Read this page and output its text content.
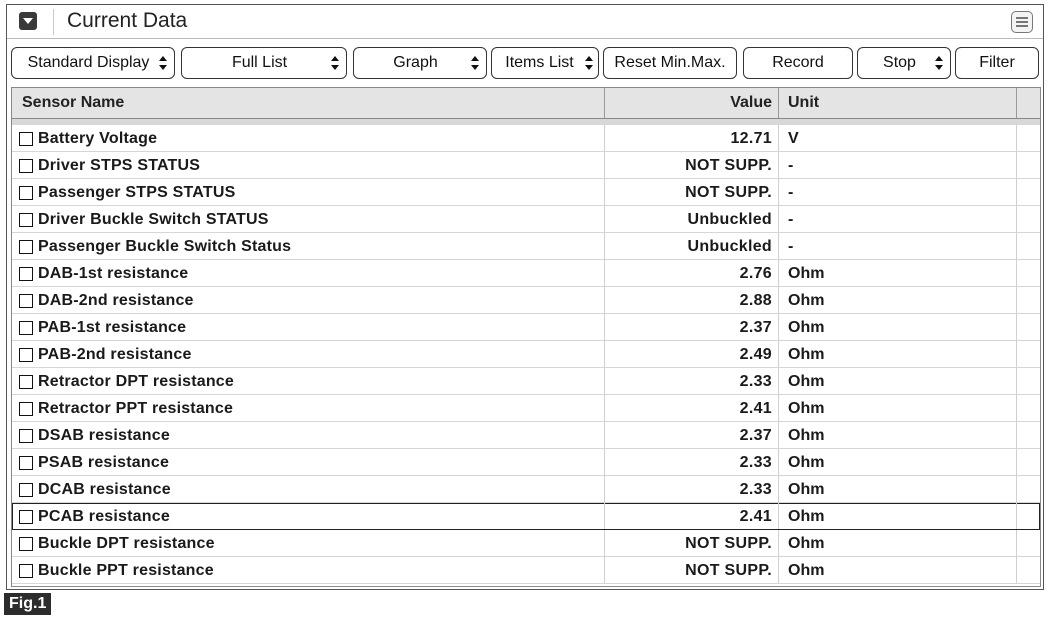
Current Data
Standard Display	Full List	Graph	Items List	Reset Min.Max.	Record	Stop	Filter
Sensor Name	Value Unit
Battery Voltage	12.71 V
Driver STPS STATUS	NOT SUPP. -
Passenger STPS STATUS	NOT SUPP. -
Driver Buckle Switch STATUS	Unbuckled -
Passenger Buckle Switch Status	Unbuckled -
DAB-1st resistance	2.76 Ohm
DAB-2nd resistance	2.88 Ohm
PAB-1st resistance	2.37 Ohm
PAB-2nd resistance	2.49 Ohm
Retractor DPT resistance	2.33 Ohm
Retractor PPT resistance	2.41 Ohm
DSAB resistance	2.37 Ohm
PSAB resistance	2.33 Ohm
DCAB resistance	2.33 Ohm
PCAB resistance	2.41 Ohm
Buckle DPT resistance	NOT SUPP. Ohm
Buckle PPT resistance	NOT SUPP. Ohm
Fig.1
